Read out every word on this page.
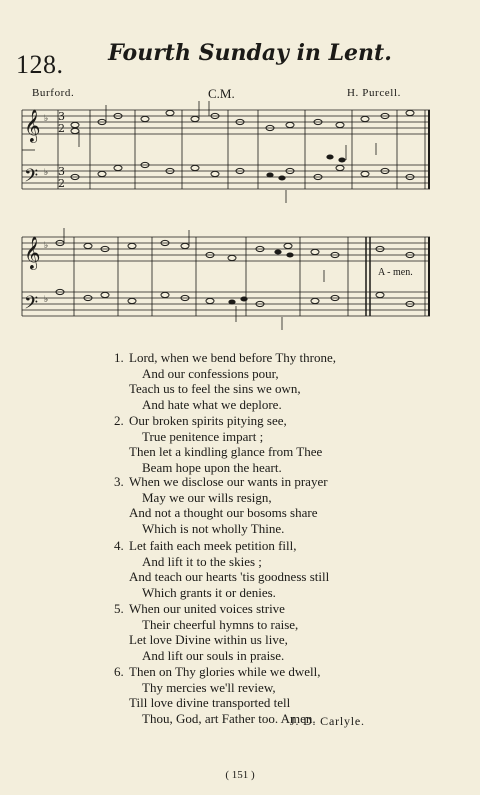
128.	Fourth Sunday in Lent.
Burford.	C.M.	H. Purcell.
𝄞
𝄢
♭
♭
3
2
3
2
𝄞
𝄢
♭
♭
A - men.
1. Lord, when we bend before Thy throne,
And our confessions pour,
Teach us to feel the sins we own,
And hate what we deplore.
2. Our broken spirits pitying see,
True penitence impart ;
Then let a kindling glance from Thee
Beam hope upon the heart.
3. When we disclose our wants in prayer
May we our wills resign,
And not a thought our bosoms share
Which is not wholly Thine.
4. Let faith each meek petition fill,
And lift it to the skies ;
And teach our hearts 'tis goodness still
Which grants it or denies.
5. When our united voices strive
Their cheerful hymns to raise,
Let love Divine within us live,
And lift our souls in praise.
6. Then on Thy glories while we dwell,
Thy mercies we'll review,
Till love divine transported tell
Thou, God, art Father too. Amen.
J. D. Carlyle.
( 151 )
